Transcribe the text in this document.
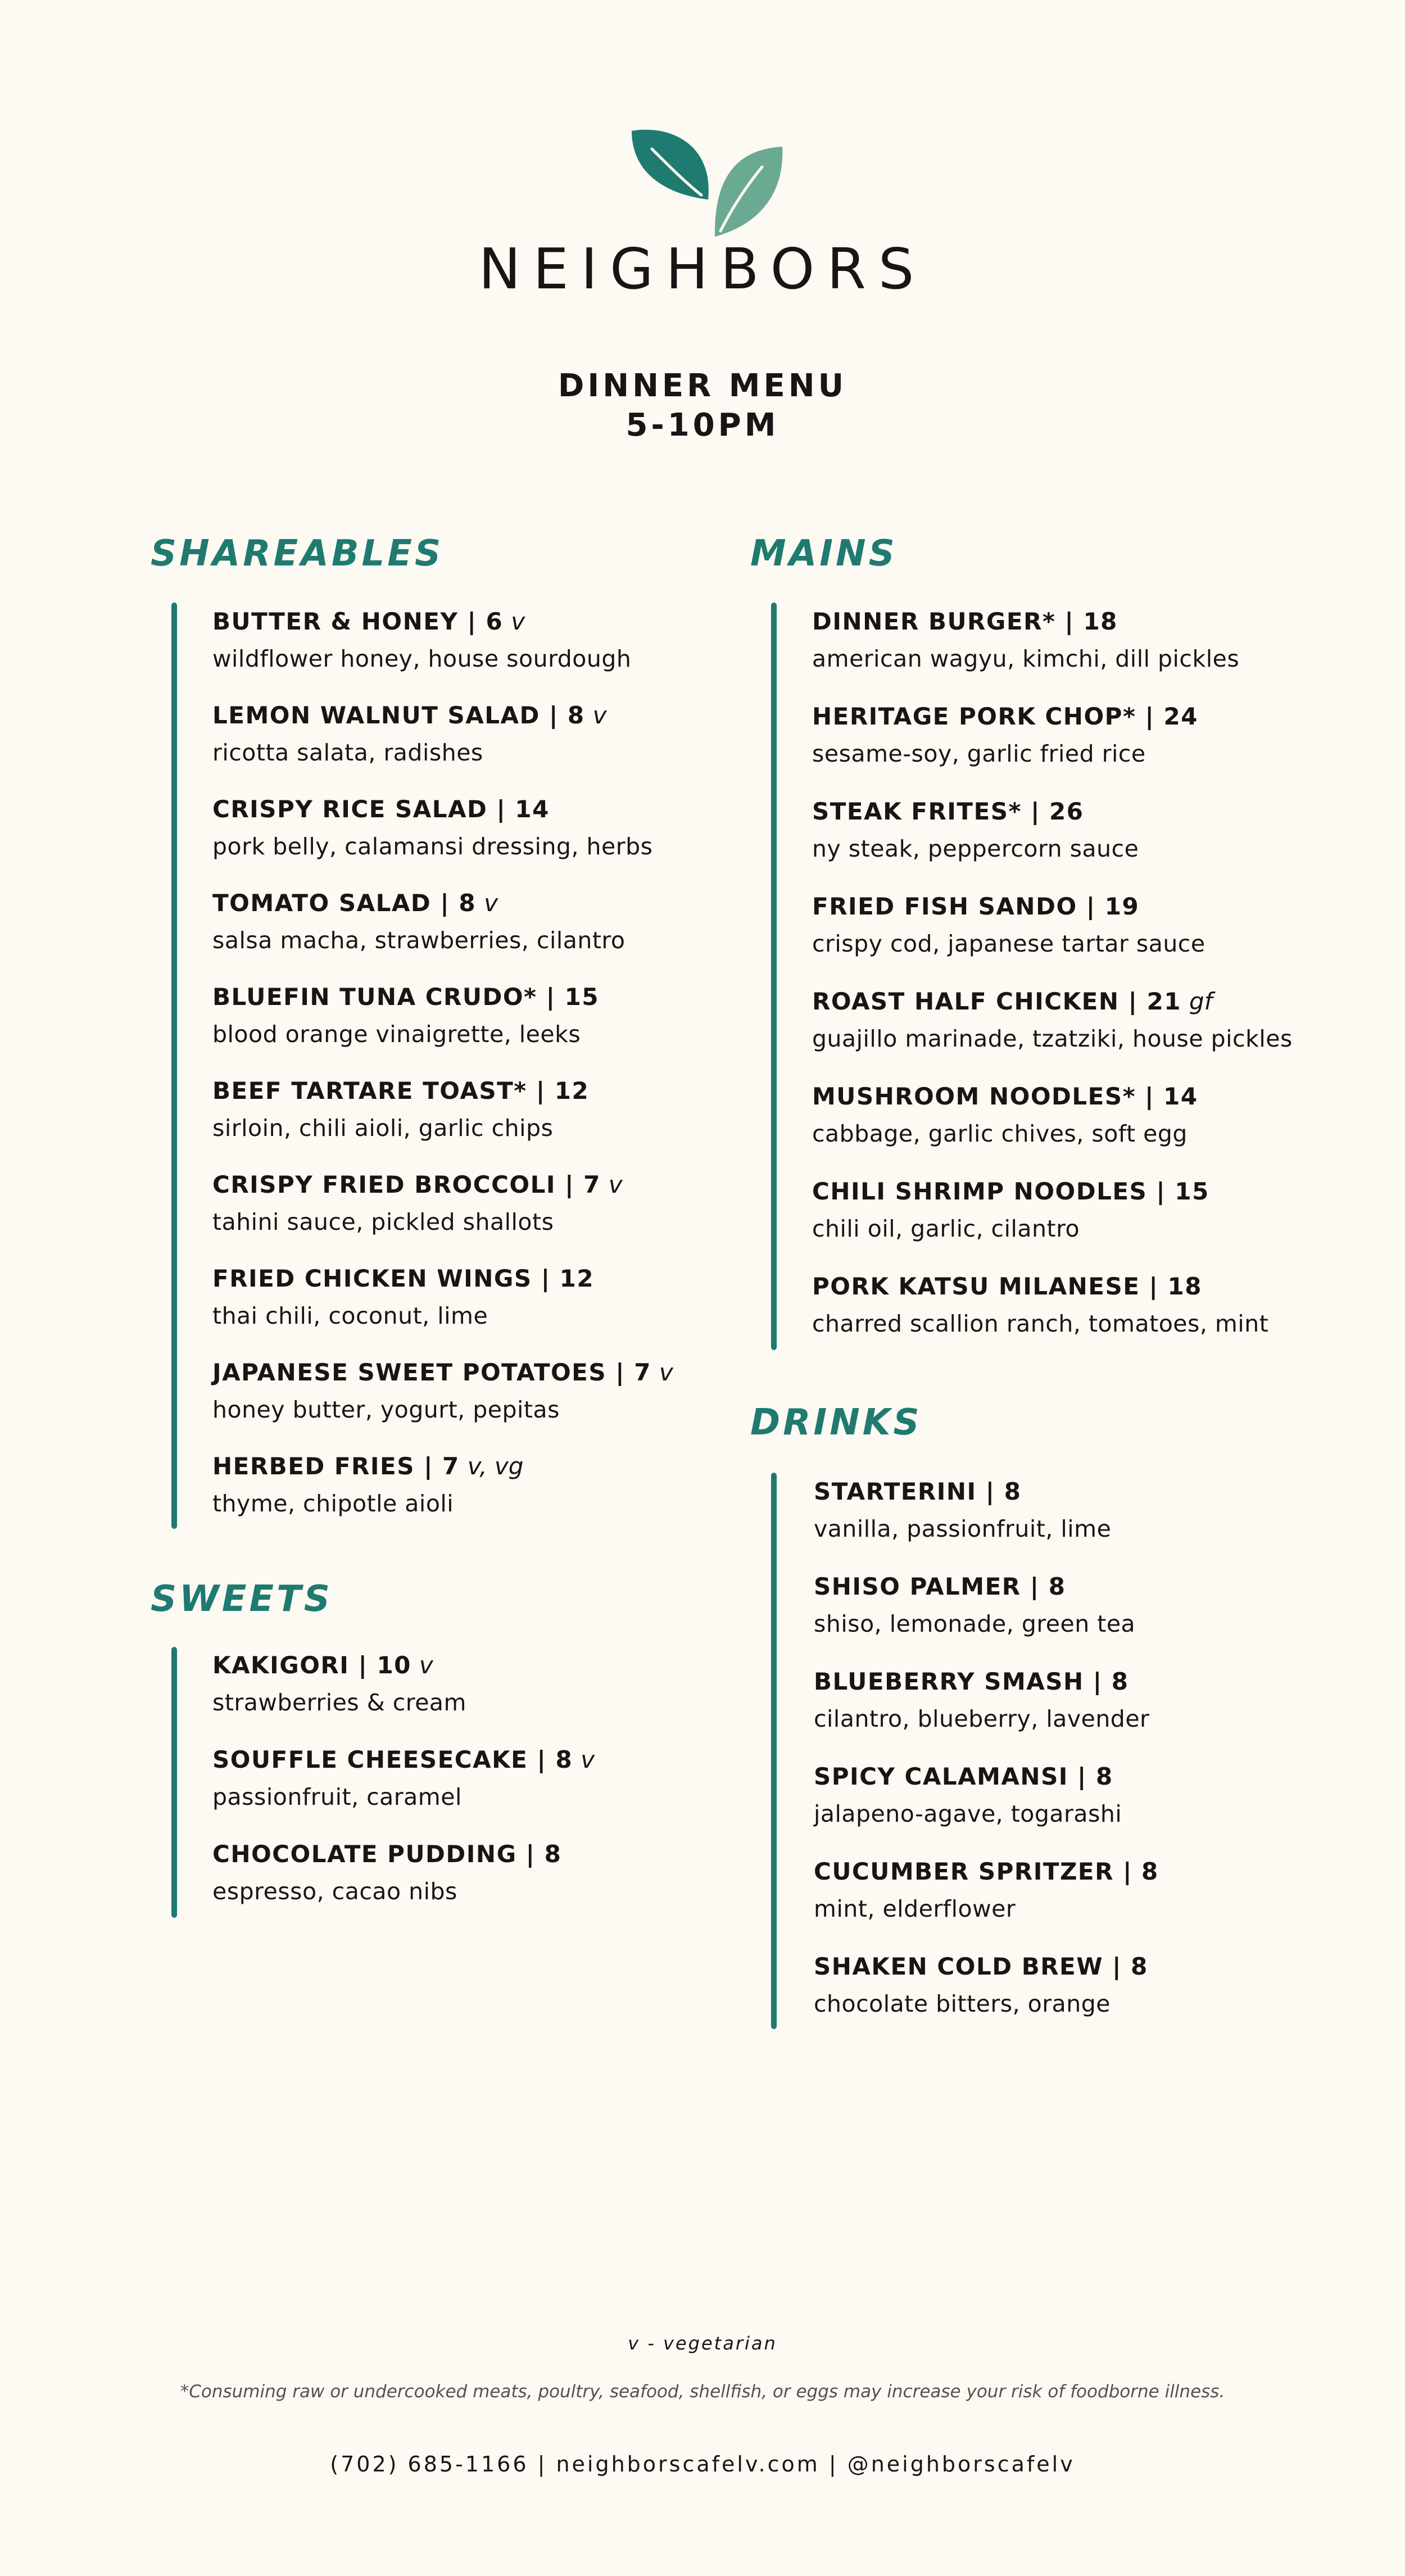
NEIGHBORS
DINNER MENU
5-10PM
SHAREABLES
SWEETS
MAINS
DRINKS
BUTTER & HONEY | 6 v
wildflower honey, house sourdough
LEMON WALNUT SALAD | 8 v
ricotta salata, radishes
CRISPY RICE SALAD | 14
pork belly, calamansi dressing, herbs
TOMATO SALAD | 8 v
salsa macha, strawberries, cilantro
BLUEFIN TUNA CRUDO* | 15
blood orange vinaigrette, leeks
BEEF TARTARE TOAST* | 12
sirloin, chili aioli, garlic chips
CRISPY FRIED BROCCOLI | 7 v
tahini sauce, pickled shallots
FRIED CHICKEN WINGS | 12
thai chili, coconut, lime
JAPANESE SWEET POTATOES | 7 v
honey butter, yogurt, pepitas
HERBED FRIES | 7 v, vg
thyme, chipotle aioli
KAKIGORI | 10 v
strawberries & cream
SOUFFLE CHEESECAKE | 8 v
passionfruit, caramel
CHOCOLATE PUDDING | 8
espresso, cacao nibs
DINNER BURGER* | 18
american wagyu, kimchi, dill pickles
HERITAGE PORK CHOP* | 24
sesame-soy, garlic fried rice
STEAK FRITES* | 26
ny steak, peppercorn sauce
FRIED FISH SANDO | 19
crispy cod, japanese tartar sauce
ROAST HALF CHICKEN | 21 gf
guajillo marinade, tzatziki, house pickles
MUSHROOM NOODLES* | 14
cabbage, garlic chives, soft egg
CHILI SHRIMP NOODLES | 15
chili oil, garlic, cilantro
PORK KATSU MILANESE | 18
charred scallion ranch, tomatoes, mint
STARTERINI | 8
vanilla, passionfruit, lime
SHISO PALMER | 8
shiso, lemonade, green tea
BLUEBERRY SMASH | 8
cilantro, blueberry, lavender
SPICY CALAMANSI | 8
jalapeno-agave, togarashi
CUCUMBER SPRITZER | 8
mint, elderflower
SHAKEN COLD BREW | 8
chocolate bitters, orange
v - vegetarian
*Consuming raw or undercooked meats, poultry, seafood, shellfish, or eggs may increase your risk of foodborne illness.
(702) 685-1166 | neighborscafelv.com | @neighborscafelv
